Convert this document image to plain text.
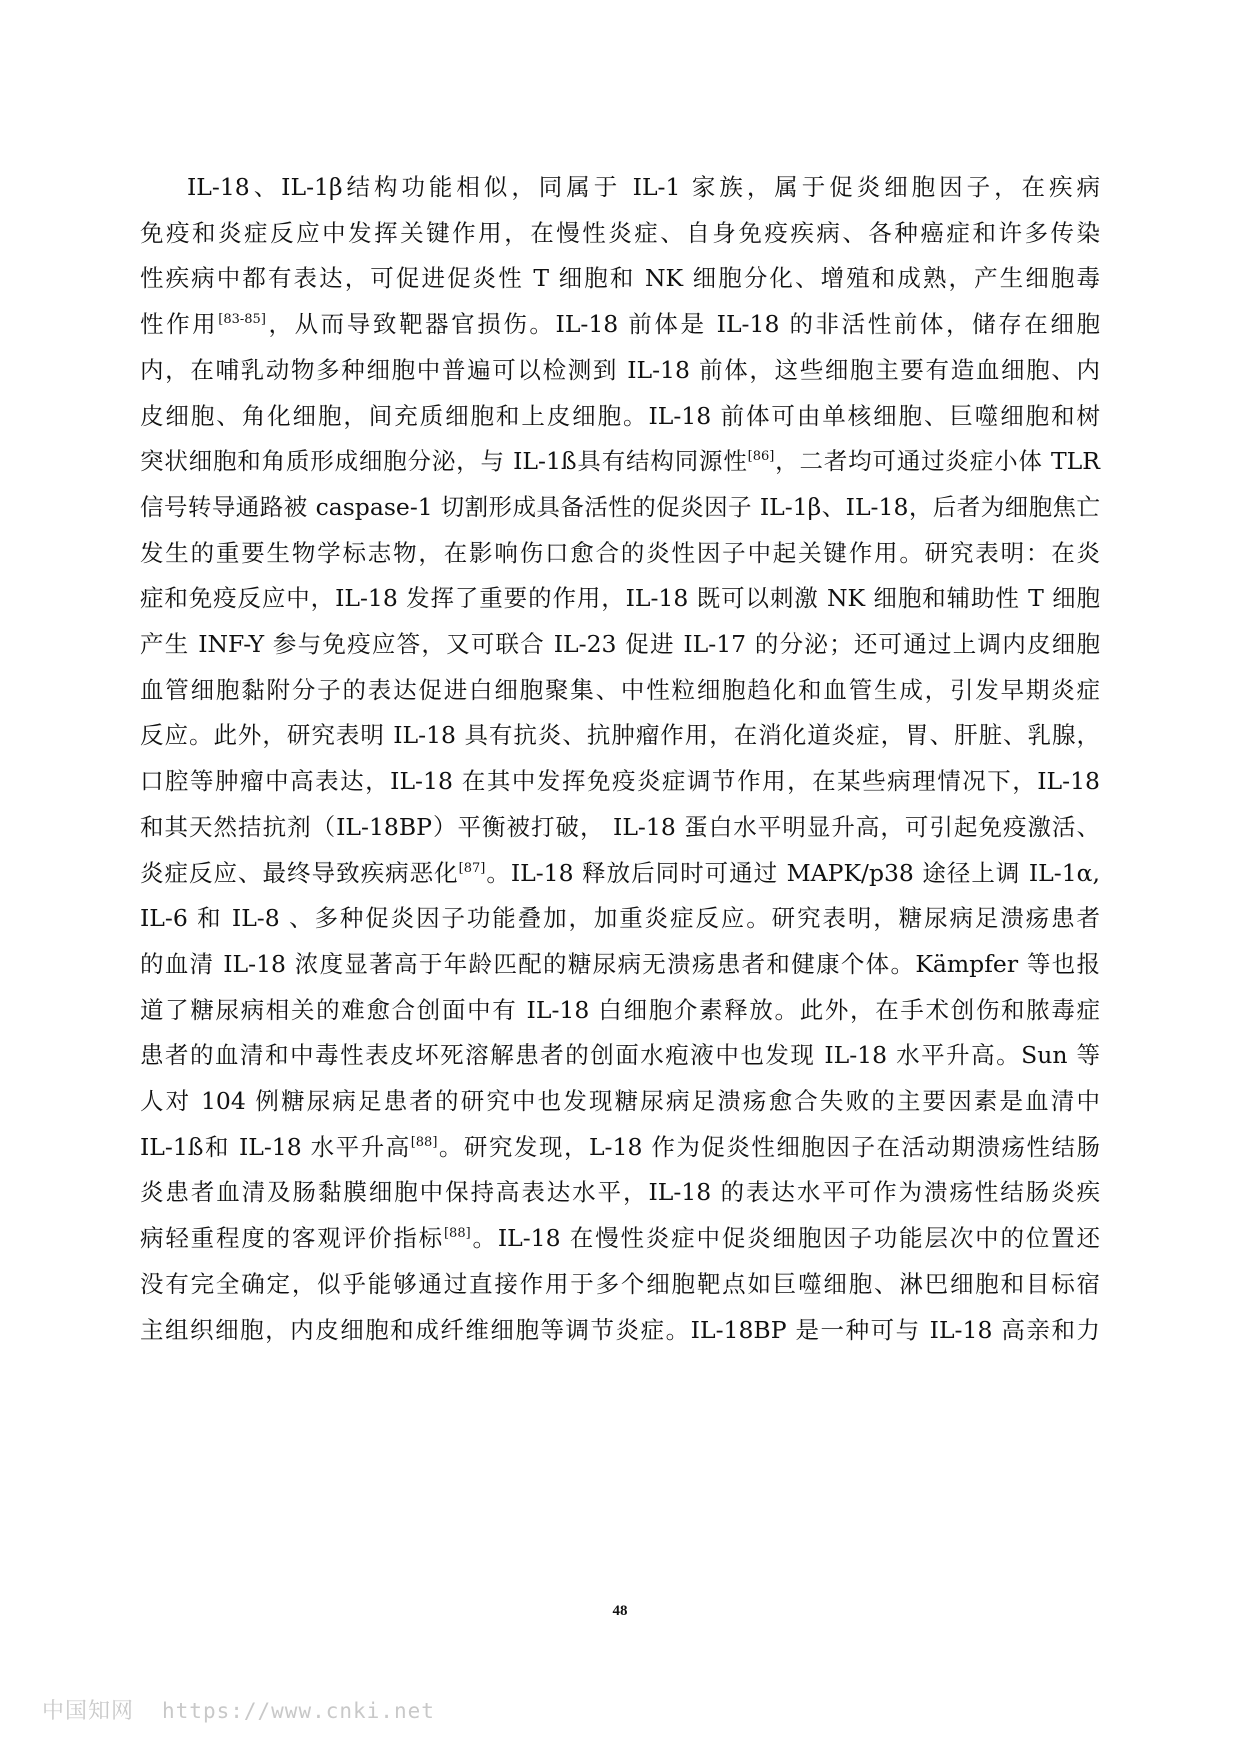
IL-18、IL-1β结构功能相似，同属于 IL-1 家族，属于促炎细胞因子，在疾病
免疫和炎症反应中发挥关键作用，在慢性炎症、自身免疫疾病、各种癌症和许多传染
性疾病中都有表达，可促进促炎性 T 细胞和 NK 细胞分化、增殖和成熟，产生细胞毒
性作用[83-85]，从而导致靶器官损伤。IL-18 前体是 IL-18 的非活性前体，储存在细胞
内，在哺乳动物多种细胞中普遍可以检测到 IL-18 前体，这些细胞主要有造血细胞、内
皮细胞、角化细胞，间充质细胞和上皮细胞。IL-18 前体可由单核细胞、巨噬细胞和树
突状细胞和角质形成细胞分泌，与 IL-1ß具有结构同源性[86]，二者均可通过炎症小体 TLR
信号转导通路被 caspase-1 切割形成具备活性的促炎因子 IL-1β、IL-18，后者为细胞焦亡
发生的重要生物学标志物，在影响伤口愈合的炎性因子中起关键作用。研究表明：在炎
症和免疫反应中，IL-18 发挥了重要的作用，IL-18 既可以刺激 NK 细胞和辅助性 T 细胞
产生 INF-Y 参与免疫应答，又可联合 IL-23 促进 IL-17 的分泌；还可通过上调内皮细胞
血管细胞黏附分子的表达促进白细胞聚集、中性粒细胞趋化和血管生成，引发早期炎症
反应。此外，研究表明 IL-18 具有抗炎、抗肿瘤作用，在消化道炎症，胃、肝脏、乳腺，
口腔等肿瘤中高表达，IL-18 在其中发挥免疫炎症调节作用，在某些病理情况下，IL-18
和其天然拮抗剂（IL-18BP）平衡被打破， IL-18 蛋白水平明显升高，可引起免疫激活、
炎症反应、最终导致疾病恶化[87]。IL-18 释放后同时可通过 MAPK/p38 途径上调 IL-1α,
IL-6 和 IL-8 、多种促炎因子功能叠加，加重炎症反应。研究表明，糖尿病足溃疡患者
的血清 IL-18 浓度显著高于年龄匹配的糖尿病无溃疡患者和健康个体。Kämpfer 等也报
道了糖尿病相关的难愈合创面中有 IL-18 白细胞介素释放。此外，在手术创伤和脓毒症
患者的血清和中毒性表皮坏死溶解患者的创面水疱液中也发现 IL-18 水平升高。Sun 等
人对 104 例糖尿病足患者的研究中也发现糖尿病足溃疡愈合失败的主要因素是血清中
IL-1ß和 IL-18 水平升高[88]。研究发现，L-18 作为促炎性细胞因子在活动期溃疡性结肠
炎患者血清及肠黏膜细胞中保持高表达水平，IL-18 的表达水平可作为溃疡性结肠炎疾
病轻重程度的客观评价指标[88]。IL-18 在慢性炎症中促炎细胞因子功能层次中的位置还
没有完全确定，似乎能够通过直接作用于多个细胞靶点如巨噬细胞、淋巴细胞和目标宿
主组织细胞，内皮细胞和成纤维细胞等调节炎症。IL-18BP 是一种可与 IL-18 高亲和力
48
中国知网 https://www.cnki.net
